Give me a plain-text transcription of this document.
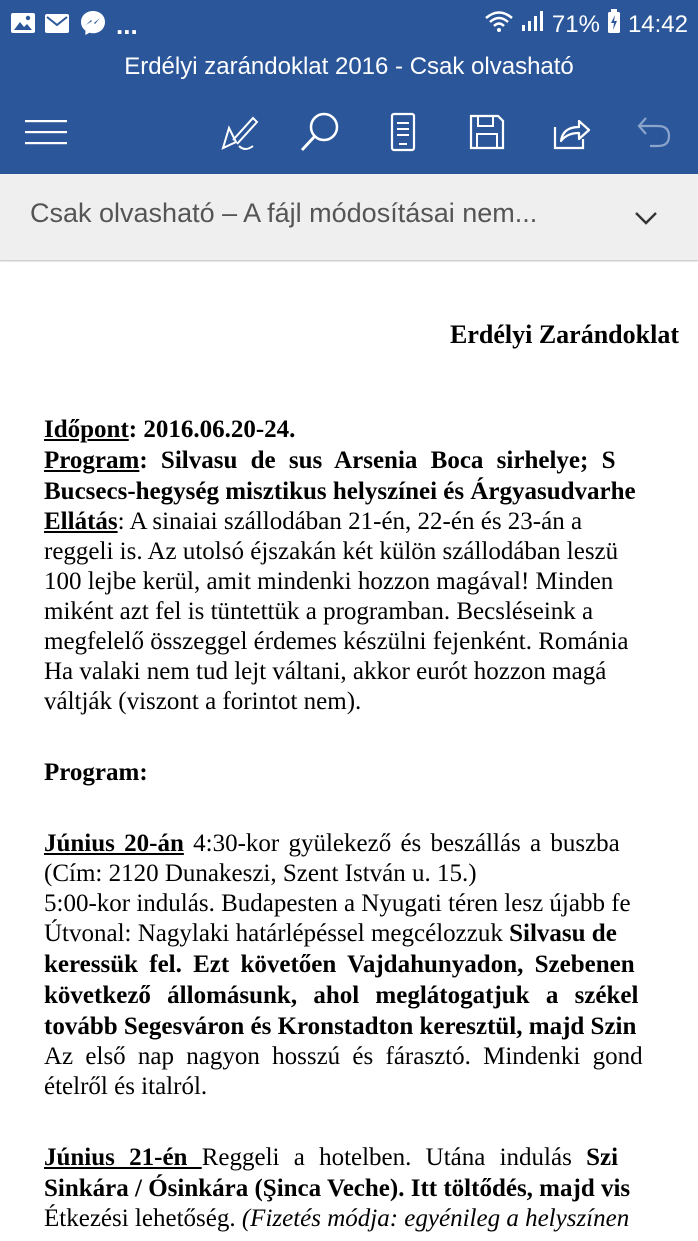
...	71% 14:42
Erdélyi zarándoklat 2016 - Csak olvasható
Csak olvasható – A fájl módosításai nem...
Erdélyi Zarándoklat
Időpont: 2016.06.20-24.
Program: Silvasu de sus Arsenia Boca sirhelye; S
Bucsecs-hegység misztikus helyszínei és Árgyasudvarhe
Ellátás: A sinaiai szállodában 21-én, 22-én és 23-án a
reggeli is. Az utolsó éjszakán két külön szállodában leszü
100 lejbe kerül, amit mindenki hozzon magával! Minden
miként azt fel is tüntettük a programban. Becsléseink a
megfelelő összeggel érdemes készülni fejenként. Románia
Ha valaki nem tud lejt váltani, akkor eurót hozzon magá
váltják (viszont a forintot nem).
Program:
Június 20-án 4:30-kor gyülekező és beszállás a buszba
(Cím: 2120 Dunakeszi, Szent István u. 15.)
5:00-kor indulás. Budapesten a Nyugati téren lesz újabb fe
Útvonal: Nagylaki határlépéssel megcélozzuk Silvasu de
keressük fel. Ezt követően Vajdahunyadon, Szebenen
következő állomásunk, ahol meglátogatjuk a székel
tovább Segesváron és Kronstadton keresztül, majd Szin
Az első nap nagyon hosszú és fárasztó. Mindenki gond
ételről és italról.
Június 21-én Reggeli a hotelben. Utána indulás Szi
Sinkára / Ósinkára (Şinca Veche). Itt töltődés, majd vis
Étkezési lehetőség. (Fizetés módja: egyénileg a helyszínen
